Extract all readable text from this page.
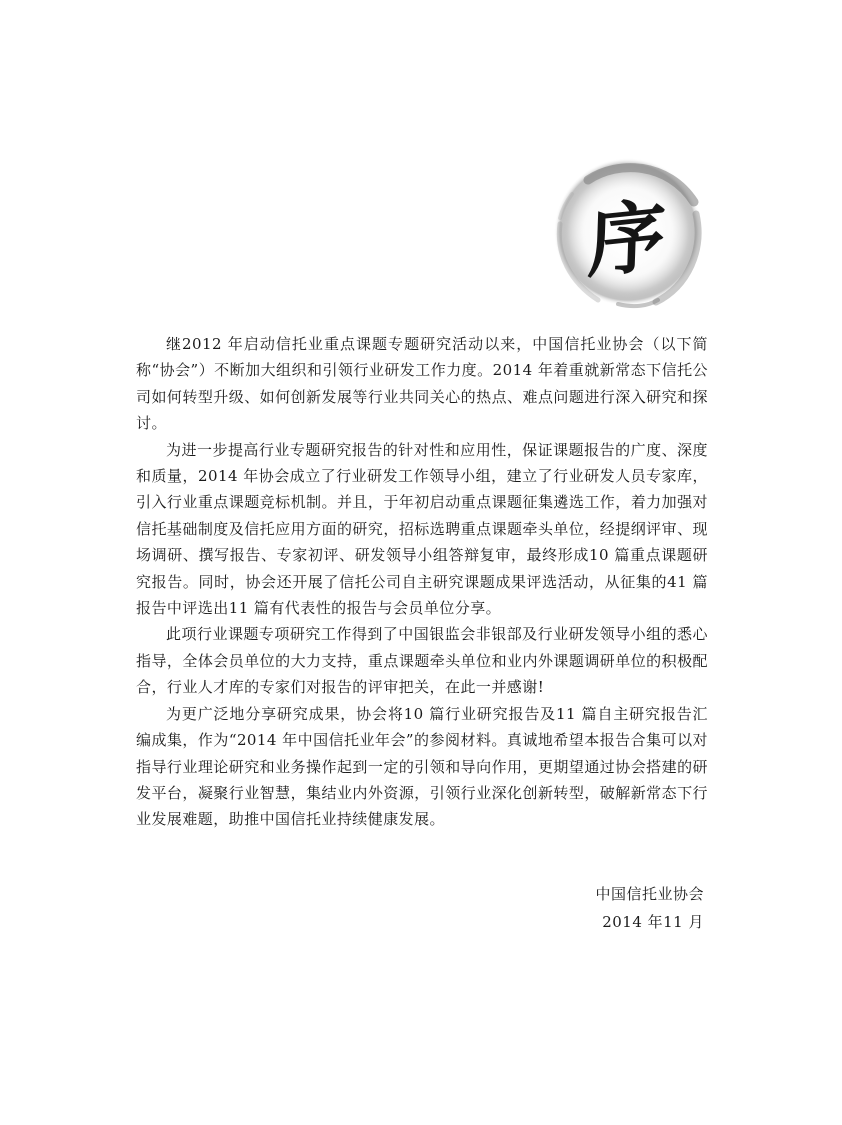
序

继2012 年启动信托业重点课题专题研究活动以来，中国信托业协会（以下简称“协会”）不断加大组织和引领行业研发工作力度。2014 年着重就新常态下信托公司如何转型升级、如何创新发展等行业共同关心的热点、难点问题进行深入研究和探讨。

为进一步提高行业专题研究报告的针对性和应用性，保证课题报告的广度、深度和质量，2014 年协会成立了行业研发工作领导小组，建立了行业研发人员专家库，引入行业重点课题竞标机制。并且，于年初启动重点课题征集遴选工作，着力加强对信托基础制度及信托应用方面的研究，招标选聘重点课题牵头单位，经提纲评审、现场调研、撰写报告、专家初评、研发领导小组答辩复审，最终形成10 篇重点课题研究报告。同时，协会还开展了信托公司自主研究课题成果评选活动，从征集的41 篇报告中评选出11 篇有代表性的报告与会员单位分享。

此项行业课题专项研究工作得到了中国银监会非银部及行业研发领导小组的悉心指导，全体会员单位的大力支持，重点课题牵头单位和业内外课题调研单位的积极配合，行业人才库的专家们对报告的评审把关，在此一并感谢!

为更广泛地分享研究成果，协会将10 篇行业研究报告及11 篇自主研究报告汇编成集，作为“2014 年中国信托业年会”的参阅材料。真诚地希望本报告合集可以对指导行业理论研究和业务操作起到一定的引领和导向作用，更期望通过协会搭建的研发平台，凝聚行业智慧，集结业内外资源，引领行业深化创新转型，破解新常态下行业发展难题，助推中国信托业持续健康发展。

中国信托业协会
2014 年11 月
